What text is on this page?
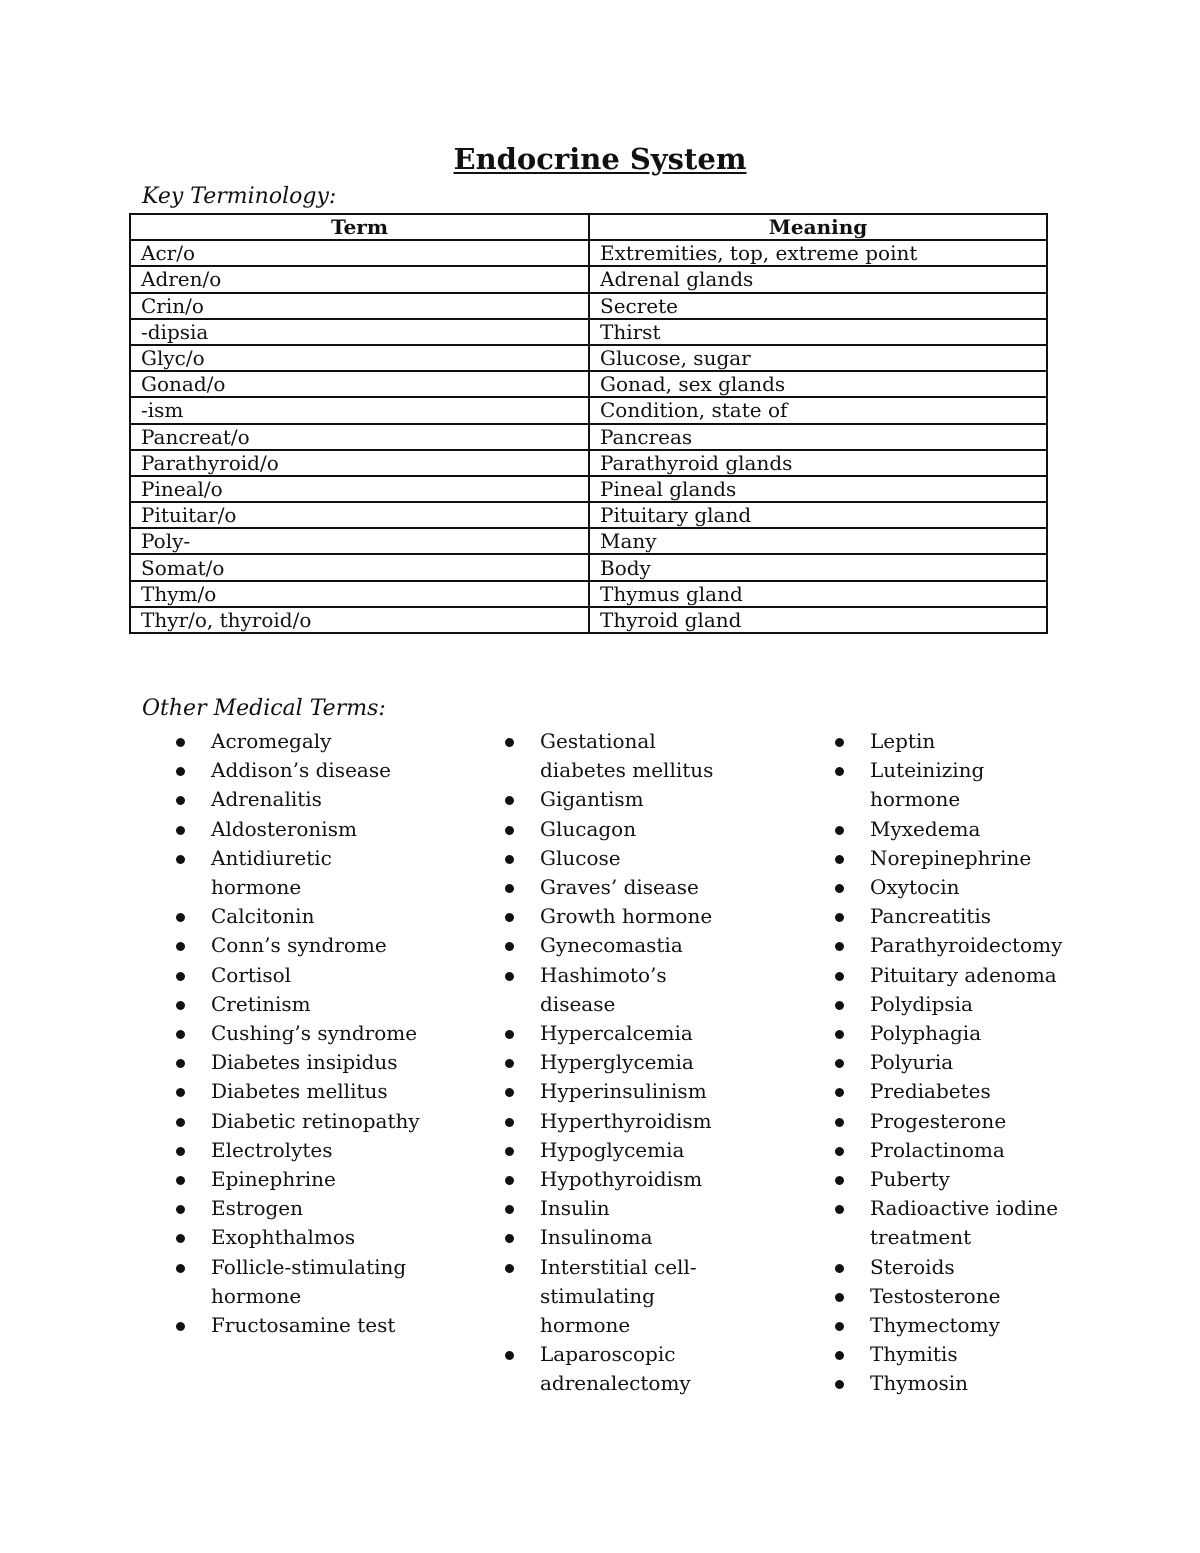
Endocrine System
Key Terminology:
Term	Meaning
Acr/o	Extremities, top, extreme point
Adren/o	Adrenal glands
Crin/o	Secrete
-dipsia	Thirst
Glyc/o	Glucose, sugar
Gonad/o	Gonad, sex glands
-ism	Condition, state of
Pancreat/o	Pancreas
Parathyroid/o	Parathyroid glands
Pineal/o	Pineal glands
Pituitar/o	Pituitary gland
Poly-	Many
Somat/o	Body
Thym/o	Thymus gland
Thyr/o, thyroid/o	Thyroid gland
Other Medical Terms:
Acromegaly
Addison’s disease
Adrenalitis
Aldosteronism
Antidiuretic hormone
Calcitonin
Conn’s syndrome
Cortisol
Cretinism
Cushing’s syndrome
Diabetes insipidus
Diabetes mellitus
Diabetic retinopathy
Electrolytes
Epinephrine
Estrogen
Exophthalmos
Follicle-stimulating hormone
Fructosamine test
Gestational diabetes mellitus
Gigantism
Glucagon
Glucose
Graves’ disease
Growth hormone
Gynecomastia
Hashimoto’s disease
Hypercalcemia
Hyperglycemia
Hyperinsulinism
Hyperthyroidism
Hypoglycemia
Hypothyroidism
Insulin
Insulinoma
Interstitial cell-stimulating hormone
Laparoscopic adrenalectomy
Leptin
Luteinizing hormone
Myxedema
Norepinephrine
Oxytocin
Pancreatitis
Parathyroidectomy
Pituitary adenoma
Polydipsia
Polyphagia
Polyuria
Prediabetes
Progesterone
Prolactinoma
Puberty
Radioactive iodine treatment
Steroids
Testosterone
Thymectomy
Thymitis
Thymosin
